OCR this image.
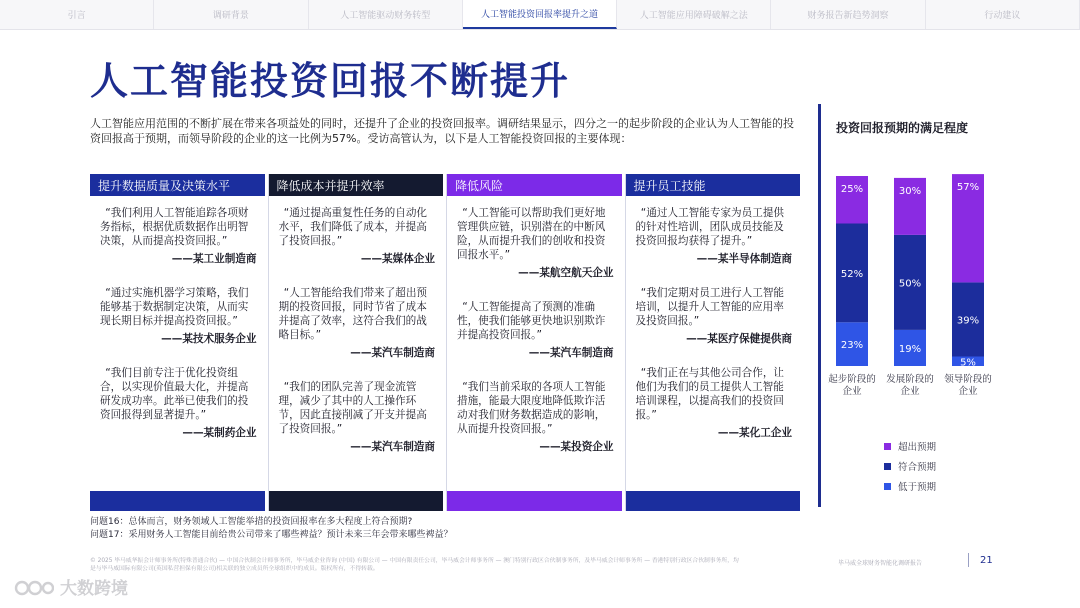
引言	调研背景	人工智能驱动财务转型	人工智能投资回报率提升之道	人工智能应用障碍破解之法	财务报告新趋势洞察	行动建议
人工智能投资回报不断提升

人工智能应用范围的不断扩展在带来各项益处的同时，还提升了企业的投资回报率。调研结果显示，四分之一的起步阶段的企业认为人工智能的投资回报高于预期，而领导阶段的企业的这一比例为57%。受访高管认为，以下是人工智能投资回报的主要体现：

提升数据质量及决策水平

“我们利用人工智能追踪各项财务指标，根据优质数据作出明智决策，从而提高投资回报。”

——某工业制造商

“通过实施机器学习策略，我们能够基于数据制定决策，从而实现长期目标并提高投资回报。”

——某技术服务企业

“我们目前专注于优化投资组合，以实现价值最大化，并提高研发成功率。此举已使我们的投资回报得到显著提升。”

——某制药企业

降低成本并提升效率

“通过提高重复性任务的自动化水平，我们降低了成本，并提高了投资回报。”

——某媒体企业

“人工智能给我们带来了超出预期的投资回报，同时节省了成本并提高了效率，这符合我们的战略目标。”

——某汽车制造商

“我们的团队完善了现金流管理，减少了其中的人工操作环节，因此直接削减了开支并提高了投资回报。”

——某汽车制造商

降低风险

“人工智能可以帮助我们更好地管理供应链，识别潜在的中断风险，从而提升我们的创收和投资回报水平。”

——某航空航天企业

“人工智能提高了预测的准确性，使我们能够更快地识别欺诈并提高投资回报。”

——某汽车制造商

“我们当前采取的各项人工智能措施，能最大限度地降低欺诈活动对我们财务数据造成的影响，从而提升投资回报。”

——某投资企业

提升员工技能

“通过人工智能专家为员工提供的针对性培训，团队成员技能及投资回报均获得了提升。”

——某半导体制造商

“我们定期对员工进行人工智能培训，以提升人工智能的应用率及投资回报。”

——某医疗保健提供商

“我们正在与其他公司合作，让他们为我们的员工提供人工智能培训课程，以提高我们的投资回报。”

——某化工企业

问题16：总体而言，财务领域人工智能举措的投资回报率在多大程度上符合预期?
问题17：采用财务人工智能目前给贵公司带来了哪些裨益？预计未来三年会带来哪些裨益？
© 2025 毕马威华振会计师事务所(特殊普通合伙) — 中国合伙制会计师事务所，毕马威企业咨询 (中国) 有限公司 — 中国有限责任公司，毕马威会计师事务所 — 澳门特别行政区合伙制事务所，及毕马威会计师事务所 — 香港特别行政区合伙制事务所，均是与毕马威国际有限公司(英国私营担保有限公司)相关联的独立成员所全球组织中的成员。版权所有，不得转载。
毕马威全球财务智能化调研报告	21
大数跨境
投资回报预期的满足程度
23%
52%
25%
起步阶段的
企业
19%
50%
30%
发展阶段的
企业
5%
39%
57%
领导阶段的
企业
超出预期
符合预期
低于预期
